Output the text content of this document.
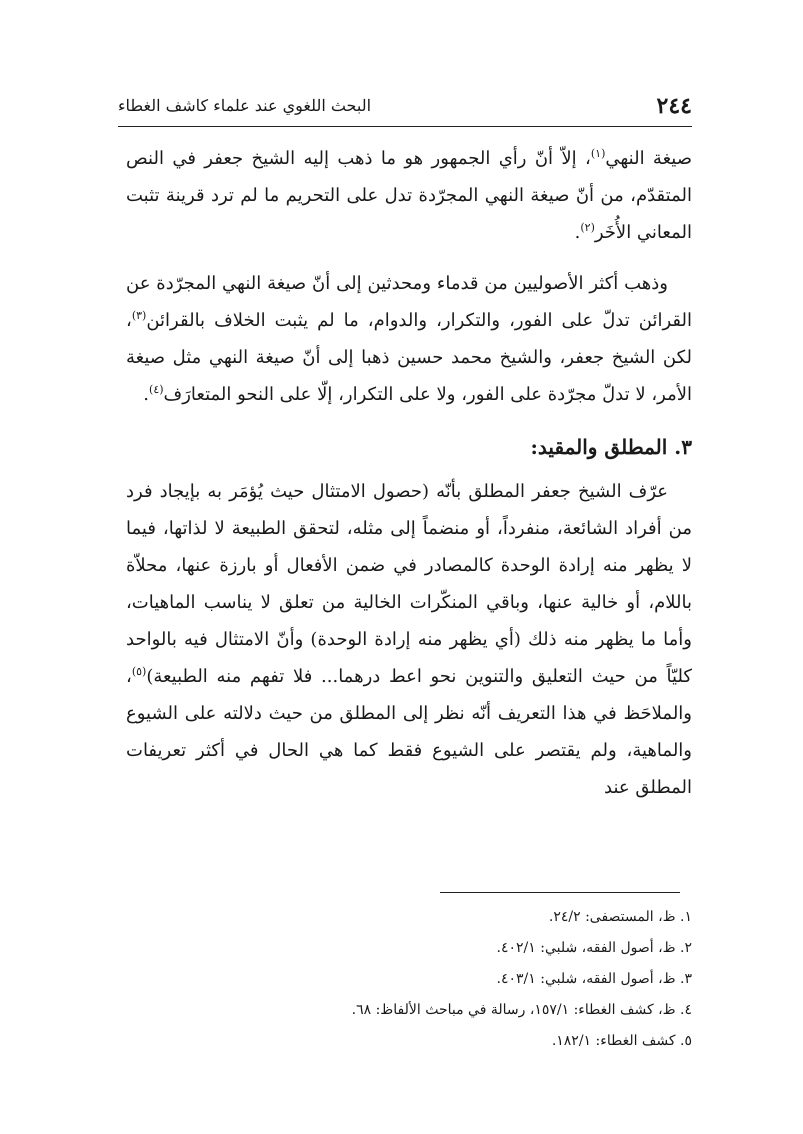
٢٤٤
البحث اللغوي عند علماء كاشف الغطاء

صيغة النهي$^{(١)}$، إلاّ أنّ رأي الجمهور هو ما ذهب إليه الشيخ جعفر في النص المتقدّم، من أنّ صيغة النهي المجرّدة تدل على التحريم ما لم ترد قرينة تثبت المعاني الأُخَر$^{(٢)}$.

وذهب أكثر الأصوليين من قدماء ومحدثين إلى أنّ صيغة النهي المجرّدة عن القرائن تدلّ على الفور، والتكرار، والدوام، ما لم يثبت الخلاف بالقرائن$^{(٣)}$، لكن الشيخ جعفر، والشيخ محمد حسين ذهبا إلى أنّ صيغة النهي مثل صيغة الأمر، لا تدلّ مجرّدة على الفور، ولا على التكرار، إلّا على النحو المتعارَف$^{(٤)}$.

٣. المطلق والمقيد:

عرّف الشيخ جعفر المطلق بأنّه (حصول الامتثال حيث يُؤمَر به بإيجاد فرد من أفراد الشائعة، منفرداً، أو منضماً إلى مثله، لتحقق الطبيعة لا لذاتها، فيما لا يظهر منه إرادة الوحدة كالمصادر في ضمن الأفعال أو بارزة عنها، محلاّة باللام، أو خالية عنها، وباقي المنكّرات الخالية من تعلق لا يناسب الماهيات، وأما ما يظهر منه ذلك (أي يظهر منه إرادة الوحدة) وأنّ الامتثال فيه بالواحد كليّاً من حيث التعليق والتنوين نحو اعط درهما... فلا تفهم منه الطبيعة)$^{(٥)}$، والملاحَظ في هذا التعريف أنّه نظر إلى المطلق من حيث دلالته على الشيوع والماهية، ولم يقتصر على الشيوع فقط كما هي الحال في أكثر تعريفات المطلق عند

١. ظ، المستصفى: ٢٤/٢.

٢. ظ، أصول الفقه، شلبي: ٤٠٢/١.

٣. ظ، أصول الفقه، شلبي: ٤٠٣/١.

٤. ظ، كشف الغطاء: ١٥٧/١، رسالة في مباحث الألفاظ: ٦٨.

٥. كشف الغطاء: ١٨٢/١.
